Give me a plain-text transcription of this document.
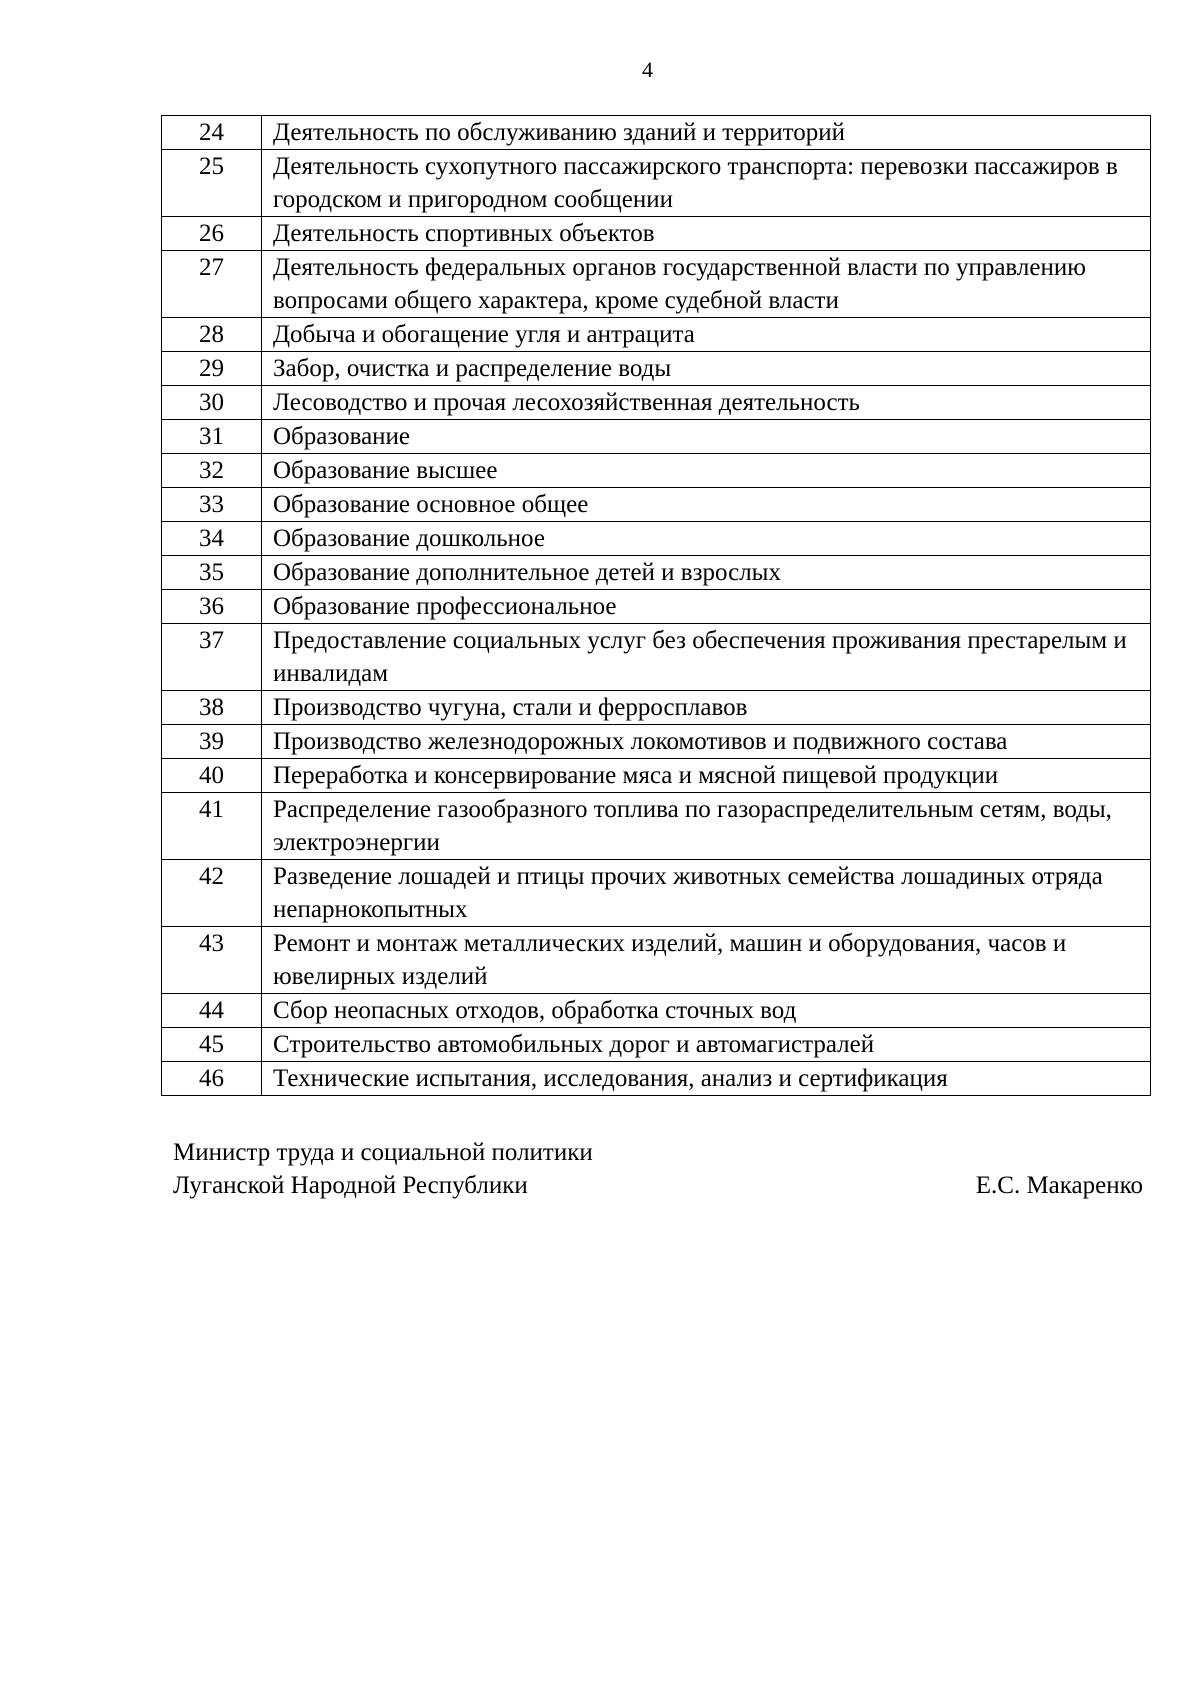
4
24	Деятельность по обслуживанию зданий и территорий
25	Деятельность сухопутного пассажирского транспорта: перевозки пассажиров в городском и пригородном сообщении
26	Деятельность спортивных объектов
27	Деятельность федеральных органов государственной власти по управлению вопросами общего характера, кроме судебной власти
28	Добыча и обогащение угля и антрацита
29	Забор, очистка и распределение воды
30	Лесоводство и прочая лесохозяйственная деятельность
31	Образование
32	Образование высшее
33	Образование основное общее
34	Образование дошкольное
35	Образование дополнительное детей и взрослых
36	Образование профессиональное
37	Предоставление социальных услуг без обеспечения проживания престарелым и инвалидам
38	Производство чугуна, стали и ферросплавов
39	Производство железнодорожных локомотивов и подвижного состава
40	Переработка и консервирование мяса и мясной пищевой продукции
41	Распределение газообразного топлива по газораспределительным сетям, воды, электроэнергии
42	Разведение лошадей и птицы прочих животных семейства лошадиных отряда непарнокопытных
43	Ремонт и монтаж металлических изделий, машин и оборудования, часов и ювелирных изделий
44	Сбор неопасных отходов, обработка сточных вод
45	Строительство автомобильных дорог и автомагистралей
46	Технические испытания, исследования, анализ и сертификация
Министр труда и социальной политики
Луганской Народной Республики	Е.С. Макаренко
